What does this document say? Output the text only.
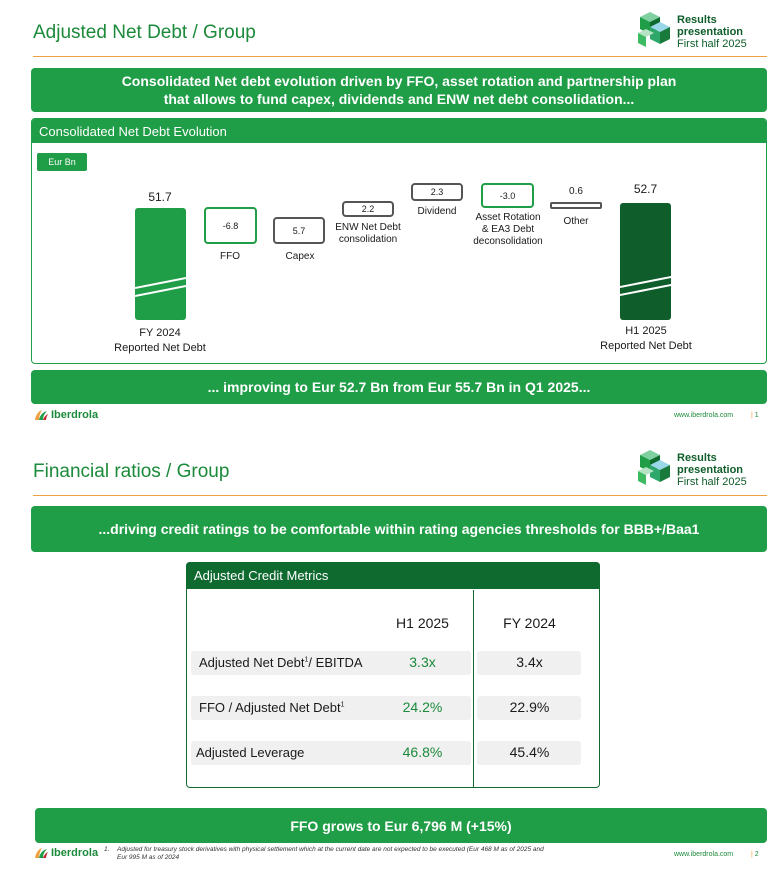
Adjusted Net Debt / Group
Results
presentation
First half 2025
Consolidated Net debt evolution driven by FFO, asset rotation and partnership plan
that allows to fund capex, dividends and ENW net debt consolidation...
Consolidated Net Debt Evolution
Eur Bn
51.7
FY 2024
Reported Net Debt
-6.8
FFO
5.7
Capex
2.2
ENW Net Debt
consolidation
2.3
Dividend
-3.0
Asset Rotation
& EA3 Debt
deconsolidation
0.6
Other
52.7
H1 2025
Reported Net Debt
... improving to Eur 52.7 Bn from Eur 55.7 Bn in Q1 2025...
Iberdrola	www.iberdrola.com	| 1
Financial ratios / Group
Results
presentation
First half 2025
...driving credit ratings to be comfortable within rating agencies thresholds for BBB+/Baa1
Adjusted Credit Metrics
H1 2025	FY 2024
Adjusted Net Debt$^1$/ EBITDA	3.3x	3.4x
FFO / Adjusted Net Debt$^1$	24.2%	22.9%
Adjusted Leverage	46.8%	45.4%
FFO grows to Eur 6,796 M (+15%)
Iberdrola 1. Adjusted for treasury stock derivatives with physical settlement which at the current date are not expected to be executed (Eur 468 M as of 2025 and
Eur 995 M as of 2024	www.iberdrola.com	| 2
